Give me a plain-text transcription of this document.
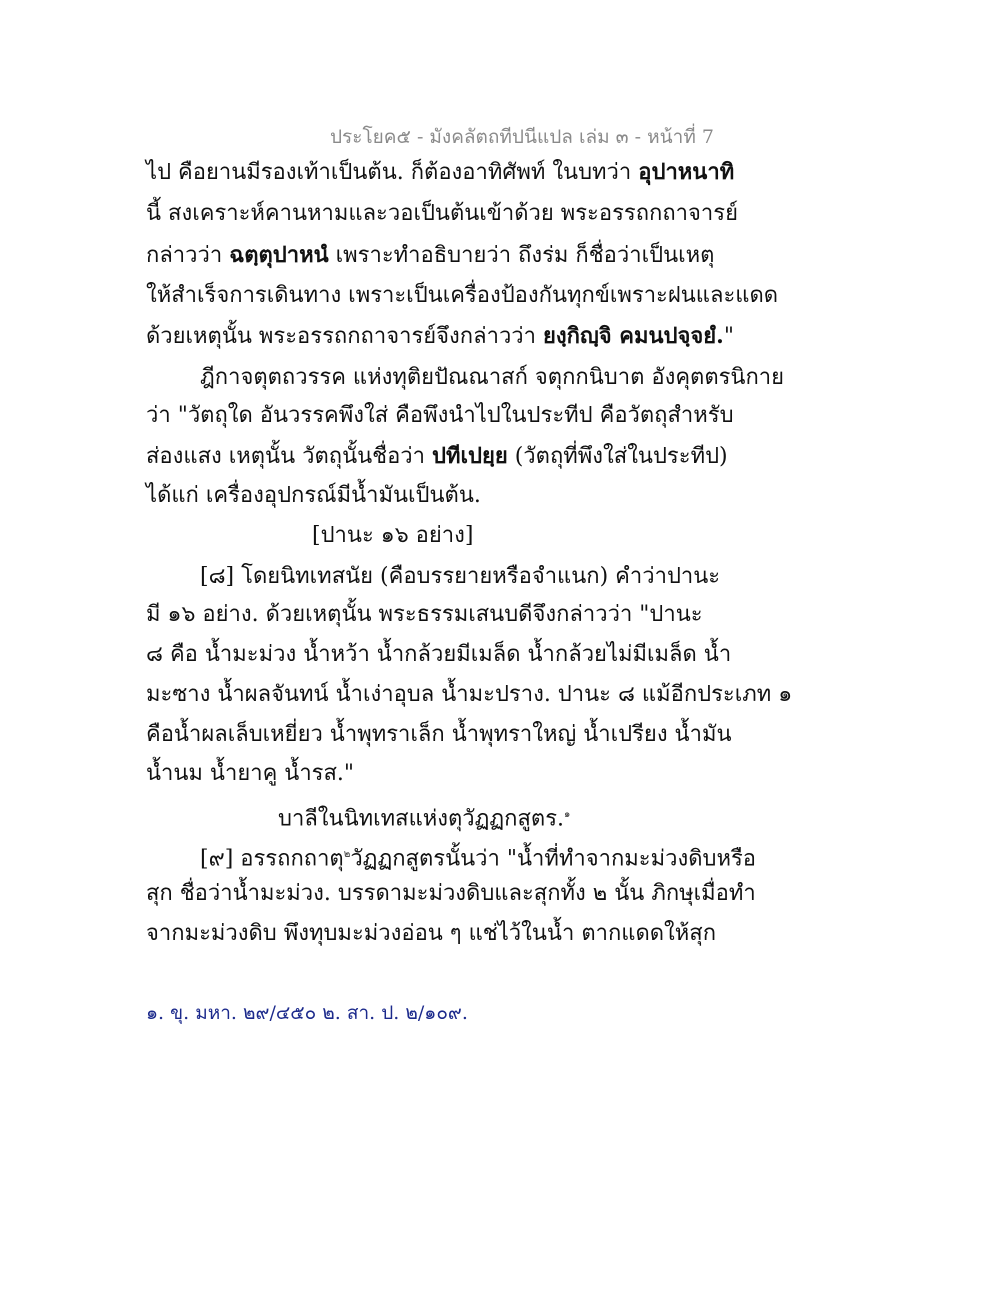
ประโยค๕ - มังคลัตถทีปนีแปล เล่ม ๓ - หน้าที่ 7
ไป คือยานมีรองเท้าเป็นต้น. ก็ต้องอาทิศัพท์ ในบทว่า อุปาหนาทิ
นี้ สงเคราะห์คานหามและวอเป็นต้นเข้าด้วย พระอรรถกถาจารย์
กล่าวว่า ฉตฺตุปาหนํ เพราะทำอธิบายว่า ถึงร่ม ก็ชื่อว่าเป็นเหตุ
ให้สำเร็จการเดินทาง เพราะเป็นเครื่องป้องกันทุกข์เพราะฝนและแดด
ด้วยเหตุนั้น พระอรรถกถาจารย์จึงกล่าวว่า ยงฺกิญฺจิ คมนปจฺจยํ."
ฎีกาจตุตถวรรค แห่งทุติยปัณณาสก์ จตุกกนิบาต อังคุตตรนิกาย
ว่า "วัตถุใด อันวรรคพึงใส่ คือพึงนำไปในประทีป คือวัตถุสำหรับ
ส่องแสง เหตุนั้น วัตถุนั้นชื่อว่า ปทีเปยฺย (วัตถุที่พึงใส่ในประทีป)
ได้แก่ เครื่องอุปกรณ์มีน้ำมันเป็นต้น.
[ปานะ ๑๖ อย่าง]
[๘] โดยนิทเทสนัย (คือบรรยายหรือจำแนก) คำว่าปานะ
มี ๑๖ อย่าง. ด้วยเหตุนั้น พระธรรมเสนบดีจึงกล่าวว่า "ปานะ
๘ คือ น้ำมะม่วง น้ำหว้า น้ำกล้วยมีเมล็ด น้ำกล้วยไม่มีเมล็ด น้ำ
มะซาง น้ำผลจันทน์ น้ำเง่าอุบล น้ำมะปราง. ปานะ ๘ แม้อีกประเภท ๑
คือน้ำผลเล็บเหยี่ยว น้ำพุทราเล็ก น้ำพุทราใหญ่ น้ำเปรียง น้ำมัน
น้ำนม น้ำยาคู น้ำรส."
บาลีในนิทเทสแห่งตุวัฏฏกสูตร.$^๑$
[๙] อรรถกถาตุ$^๒$วัฏฏกสูตรนั้นว่า "น้ำที่ทำจากมะม่วงดิบหรือ
สุก ชื่อว่าน้ำมะม่วง. บรรดามะม่วงดิบและสุกทั้ง ๒ นั้น ภิกษุเมื่อทำ
จากมะม่วงดิบ พึงทุบมะม่วงอ่อน ๆ แช่ไว้ในน้ำ ตากแดดให้สุก
๑. ขุ. มหา. ๒๙/๔๕๐ ๒. สา. ป. ๒/๑๐๙.
